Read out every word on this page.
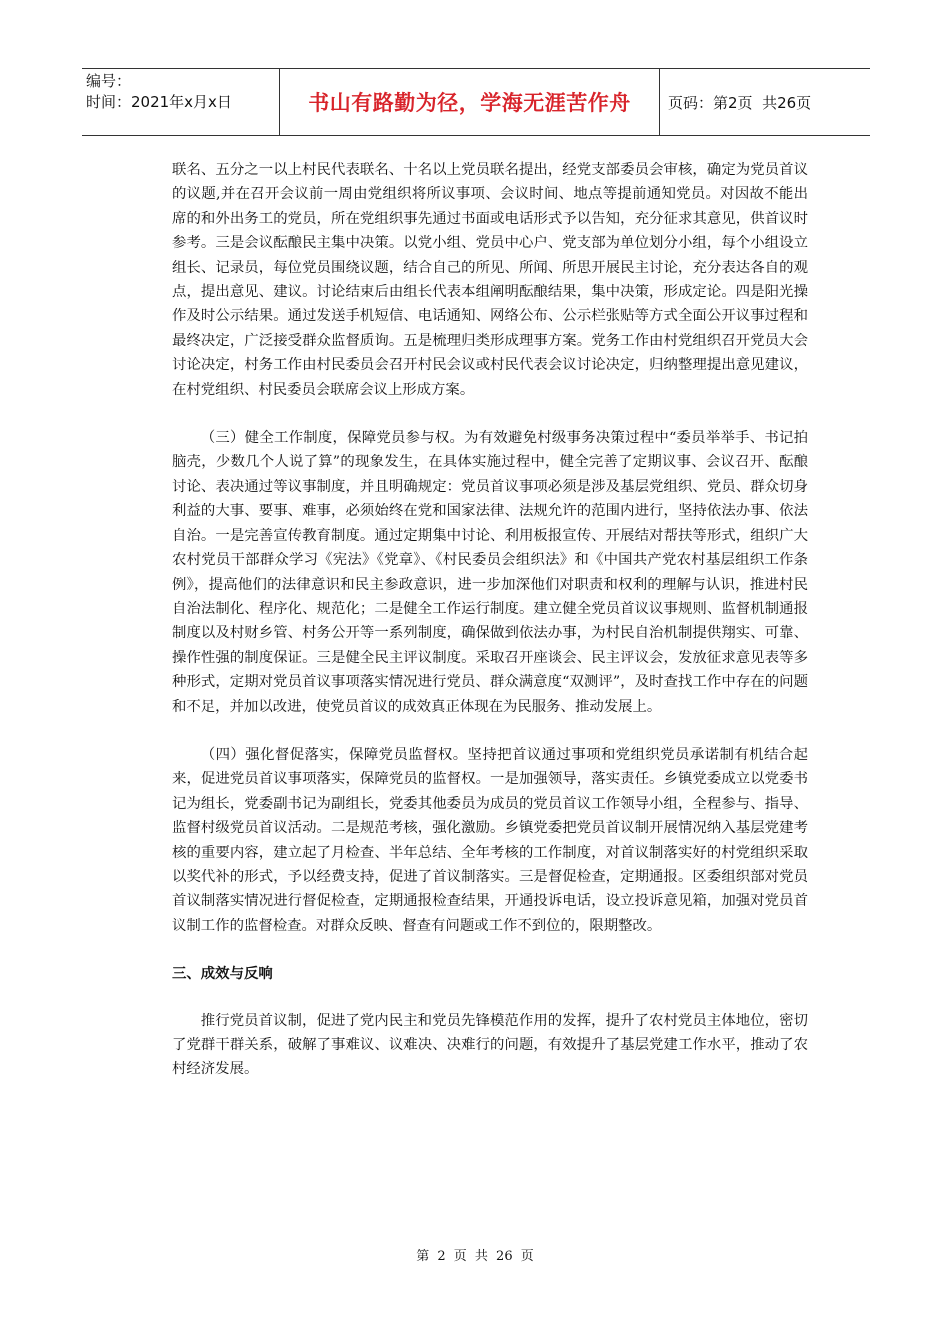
编号：
时间：2021年x月x日	书山有路勤为径，学海无涯苦作舟	页码：第2页  共26页

联名、五分之一以上村民代表联名、十名以上党员联名提出，经党支部委员会审核，确定为党员首议的议题,并在召开会议前一周由党组织将所议事项、会议时间、地点等提前通知党员。对因故不能出席的和外出务工的党员，所在党组织事先通过书面或电话形式予以告知，充分征求其意见，供首议时参考。三是会议酝酿民主集中决策。以党小组、党员中心户、党支部为单位划分小组，每个小组设立组长、记录员，每位党员围绕议题，结合自己的所见、所闻、所思开展民主讨论，充分表达各自的观点，提出意见、建议。讨论结束后由组长代表本组阐明酝酿结果，集中决策，形成定论。四是阳光操作及时公示结果。通过发送手机短信、电话通知、网络公布、公示栏张贴等方式全面公开议事过程和最终决定，广泛接受群众监督质询。五是梳理归类形成理事方案。党务工作由村党组织召开党员大会讨论决定，村务工作由村民委员会召开村民会议或村民代表会议讨论决定，归纳整理提出意见建议，在村党组织、村民委员会联席会议上形成方案。

（三）健全工作制度，保障党员参与权。为有效避免村级事务决策过程中“委员举举手、书记拍脑壳，少数几个人说了算”的现象发生，在具体实施过程中，健全完善了定期议事、会议召开、酝酿讨论、表决通过等议事制度，并且明确规定：党员首议事项必须是涉及基层党组织、党员、群众切身利益的大事、要事、难事，必须始终在党和国家法律、法规允许的范围内进行，坚持依法办事、依法自治。一是完善宣传教育制度。通过定期集中讨论、利用板报宣传、开展结对帮扶等形式，组织广大农村党员干部群众学习《宪法》《党章》、《村民委员会组织法》和《中国共产党农村基层组织工作条例》，提高他们的法律意识和民主参政意识，进一步加深他们对职责和权利的理解与认识，推进村民自治法制化、程序化、规范化；二是健全工作运行制度。建立健全党员首议议事规则、监督机制通报制度以及村财乡管、村务公开等一系列制度，确保做到依法办事，为村民自治机制提供翔实、可靠、操作性强的制度保证。三是健全民主评议制度。采取召开座谈会、民主评议会，发放征求意见表等多种形式，定期对党员首议事项落实情况进行党员、群众满意度“双测评”，及时查找工作中存在的问题和不足，并加以改进，使党员首议的成效真正体现在为民服务、推动发展上。

（四）强化督促落实，保障党员监督权。坚持把首议通过事项和党组织党员承诺制有机结合起来，促进党员首议事项落实，保障党员的监督权。一是加强领导，落实责任。乡镇党委成立以党委书记为组长，党委副书记为副组长，党委其他委员为成员的党员首议工作领导小组，全程参与、指导、监督村级党员首议活动。二是规范考核，强化激励。乡镇党委把党员首议制开展情况纳入基层党建考核的重要内容，建立起了月检查、半年总结、全年考核的工作制度，对首议制落实好的村党组织采取以奖代补的形式，予以经费支持，促进了首议制落实。三是督促检查，定期通报。区委组织部对党员首议制落实情况进行督促检查，定期通报检查结果，开通投诉电话，设立投诉意见箱，加强对党员首议制工作的监督检查。对群众反映、督查有问题或工作不到位的，限期整改。

三、成效与反响

推行党员首议制，促进了党内民主和党员先锋模范作用的发挥，提升了农村党员主体地位，密切了党群干群关系，破解了事难议、议难决、决难行的问题，有效提升了基层党建工作水平，推动了农村经济发展。

第 2 页 共 26 页
